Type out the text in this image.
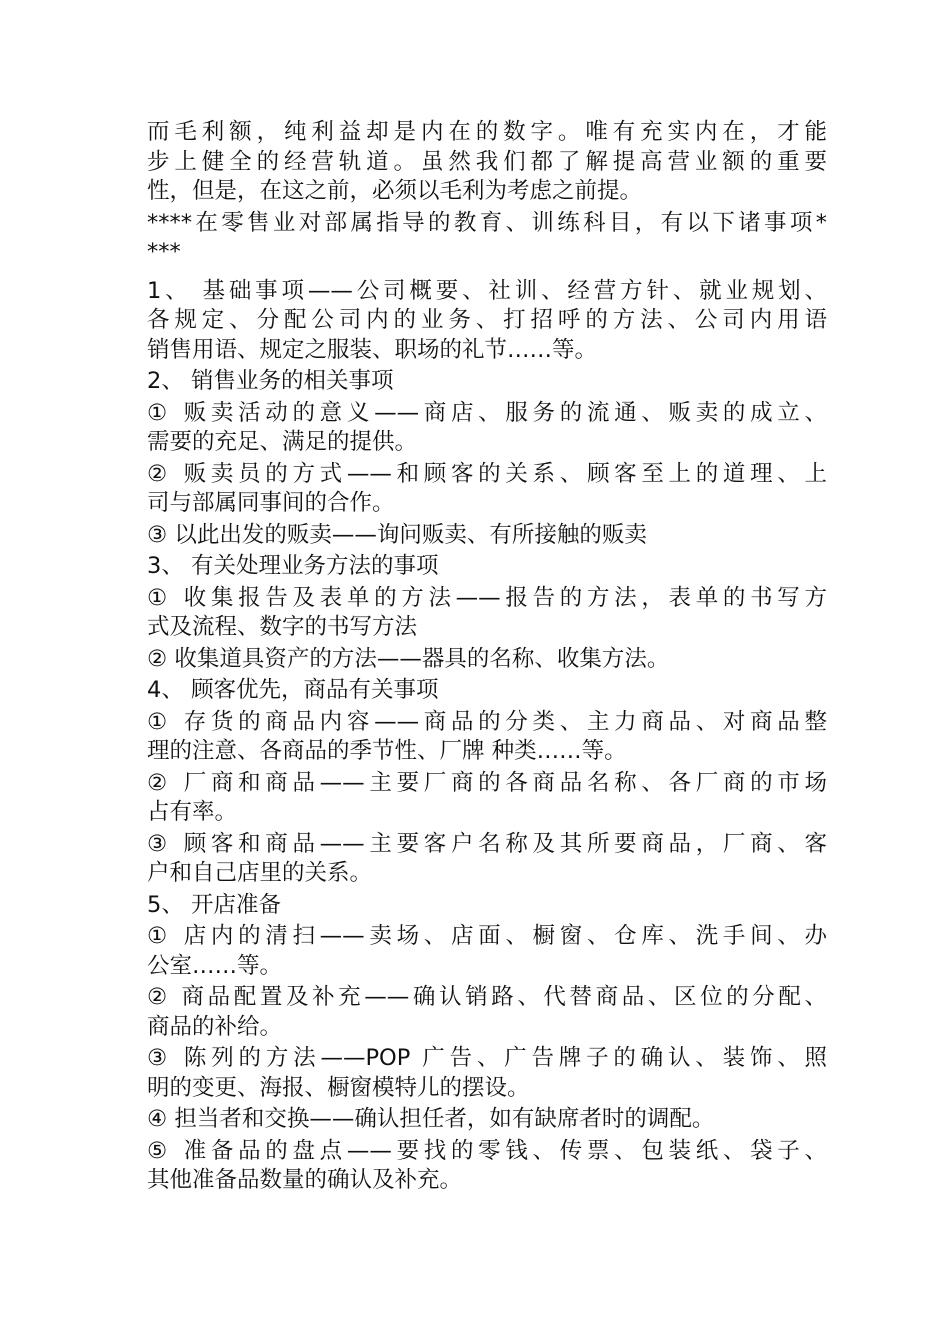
而毛利额，纯利益却是内在的数字。唯有充实内在，才能
步上健全的经营轨道。虽然我们都了解提高营业额的重要
性，但是，在这之前，必须以毛利为考虑之前提。
****在零售业对部属指导的教育、训练科目，有以下诸事项*
***
1、 基础事项——公司概要、社训、经营方针、就业规划、
各规定、分配公司内的业务、打招呼的方法、公司内用语
销售用语、规定之服装、职场的礼节……等。
2、 销售业务的相关事项
① 贩卖活动的意义——商店、服务的流通、贩卖的成立、
需要的充足、满足的提供。
② 贩卖员的方式——和顾客的关系、顾客至上的道理、上
司与部属同事间的合作。
③ 以此出发的贩卖——询问贩卖、有所接触的贩卖
3、 有关处理业务方法的事项
① 收集报告及表单的方法——报告的方法，表单的书写方
式及流程、数字的书写方法
② 收集道具资产的方法——器具的名称、收集方法。
4、 顾客优先，商品有关事项
① 存货的商品内容——商品的分类、主力商品、对商品整
理的注意、各商品的季节性、厂牌 种类……等。
② 厂商和商品——主要厂商的各商品名称、各厂商的市场
占有率。
③ 顾客和商品——主要客户名称及其所要商品，厂商、客
户和自己店里的关系。
5、 开店准备
① 店内的清扫——卖场、店面、橱窗、仓库、洗手间、办
公室……等。
② 商品配置及补充——确认销路、代替商品、区位的分配、
商品的补给。
③ 陈列的方法——POP 广告、广告牌子的确认、装饰、照
明的变更、海报、橱窗模特儿的摆设。
④ 担当者和交换——确认担任者，如有缺席者时的调配。
⑤ 准备品的盘点——要找的零钱、传票、包装纸、袋子、
其他准备品数量的确认及补充。
